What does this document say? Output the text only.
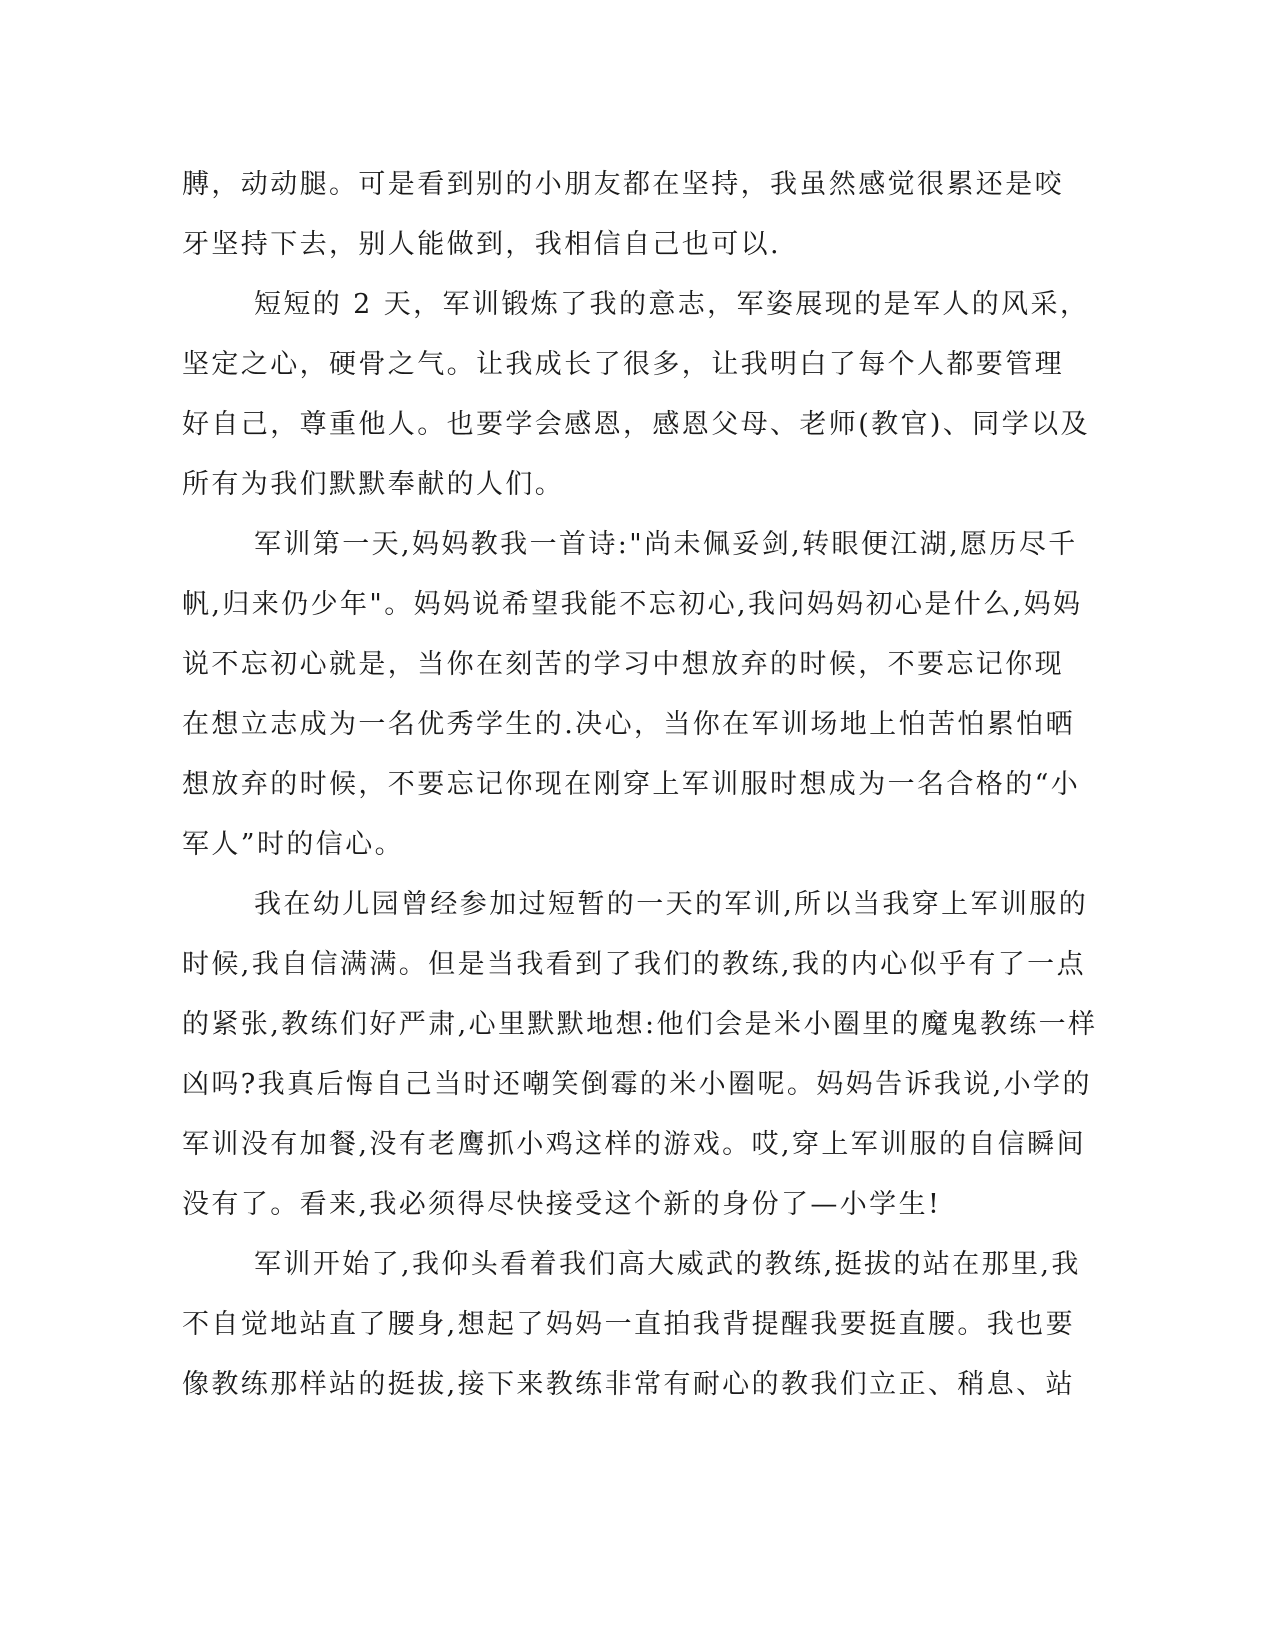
膊，动动腿。可是看到别的小朋友都在坚持，我虽然感觉很累还是咬
牙坚持下去，别人能做到，我相信自己也可以.
短短的 2 天，军训锻炼了我的意志，军姿展现的是军人的风采，
坚定之心，硬骨之气。让我成长了很多，让我明白了每个人都要管理
好自己，尊重他人。也要学会感恩，感恩父母、老师(教官)、同学以及
所有为我们默默奉献的人们。
军训第一天,妈妈教我一首诗:"尚未佩妥剑,转眼便江湖,愿历尽千
帆,归来仍少年"。妈妈说希望我能不忘初心,我问妈妈初心是什么,妈妈
说不忘初心就是，当你在刻苦的学习中想放弃的时候，不要忘记你现
在想立志成为一名优秀学生的.决心，当你在军训场地上怕苦怕累怕晒
想放弃的时候，不要忘记你现在刚穿上军训服时想成为一名合格的“小
军人”时的信心。
我在幼儿园曾经参加过短暂的一天的军训,所以当我穿上军训服的
时候,我自信满满。但是当我看到了我们的教练,我的内心似乎有了一点
的紧张,教练们好严肃,心里默默地想:他们会是米小圈里的魔鬼教练一样
凶吗?我真后悔自己当时还嘲笑倒霉的米小圈呢。妈妈告诉我说,小学的
军训没有加餐,没有老鹰抓小鸡这样的游戏。哎,穿上军训服的自信瞬间
没有了。看来,我必须得尽快接受这个新的身份了—小学生!
军训开始了,我仰头看着我们高大威武的教练,挺拔的站在那里,我
不自觉地站直了腰身,想起了妈妈一直拍我背提醒我要挺直腰。我也要
像教练那样站的挺拔,接下来教练非常有耐心的教我们立正、稍息、站
